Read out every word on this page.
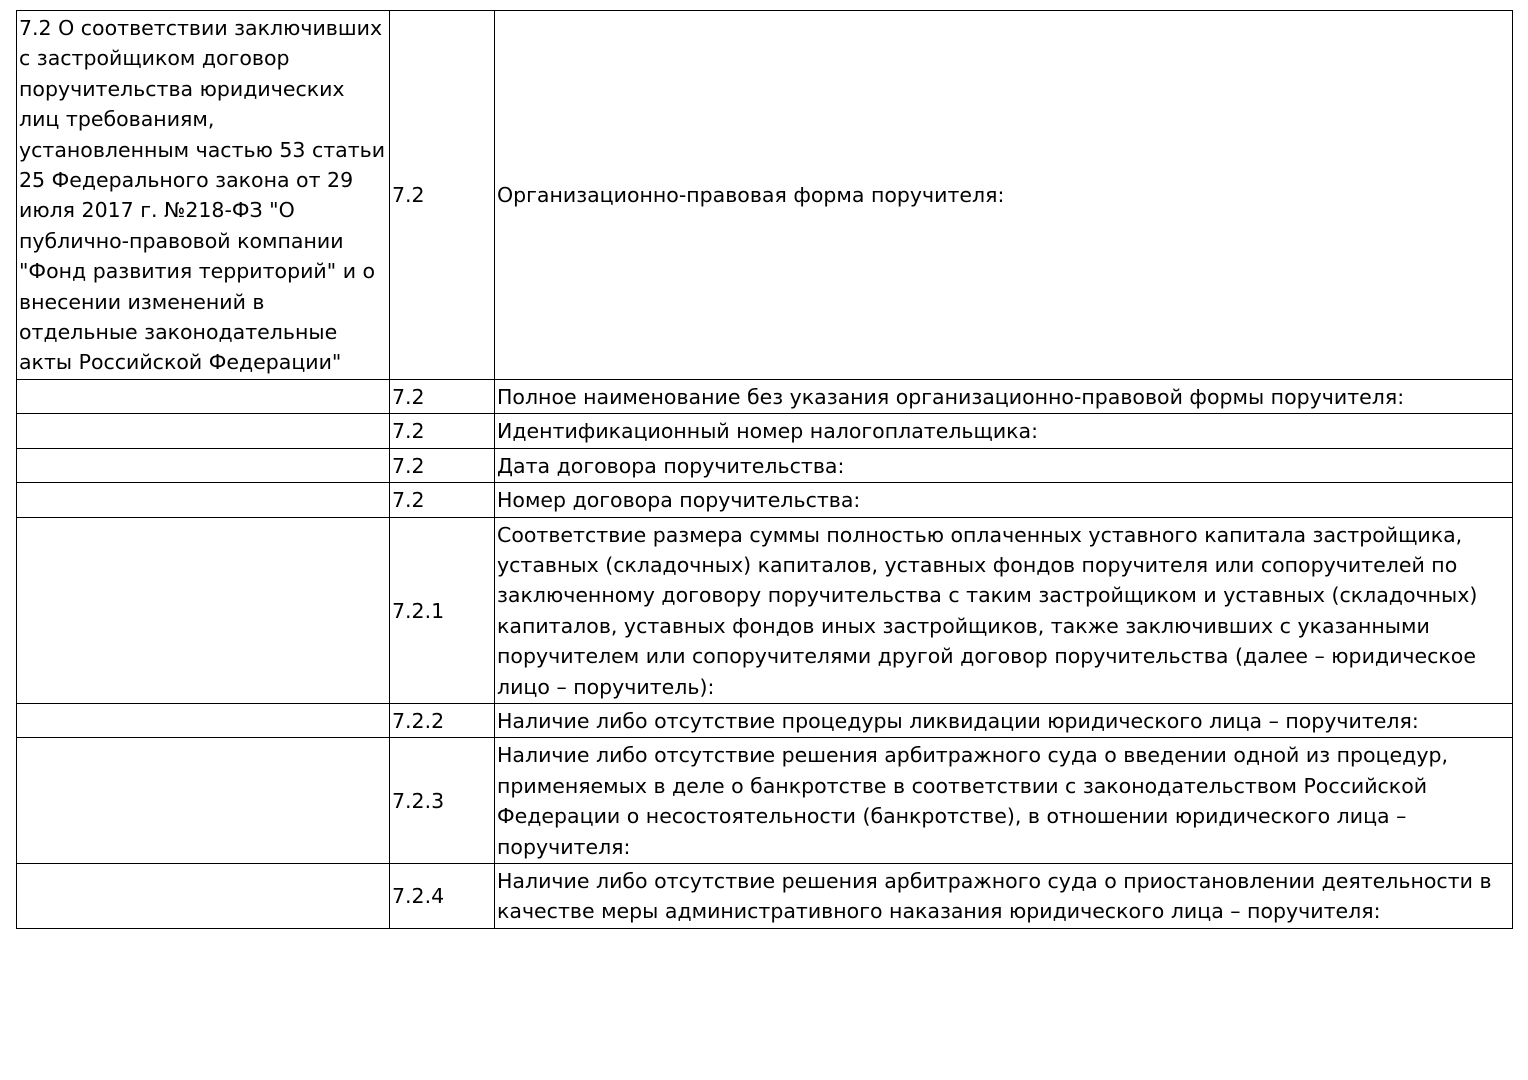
7.2 О соответствии заключивших с застройщиком договор поручительства юридических лиц требованиям, установленным частью 53 статьи 25 Федерального закона от 29 июля 2017 г. №218-ФЗ "О публично-правовой компании "Фонд развития территорий" и о внесении изменений в отдельные законодательные акты Российской Федерации"	7.2	Организационно-правовая форма поручителя:
	7.2	Полное наименование без указания организационно-правовой формы поручителя:
	7.2	Идентификационный номер налогоплательщика:
	7.2	Дата договора поручительства:
	7.2	Номер договора поручительства:
	7.2.1	Соответствие размера суммы полностью оплаченных уставного капитала застройщика, уставных (складочных) капиталов, уставных фондов поручителя или сопоручителей по заключенному договору поручительства с таким застройщиком и уставных (складочных) капиталов, уставных фондов иных застройщиков, также заключивших с указанными поручителем или сопоручителями другой договор поручительства (далее – юридическое лицо – поручитель):
	7.2.2	Наличие либо отсутствие процедуры ликвидации юридического лица – поручителя:
	7.2.3	Наличие либо отсутствие решения арбитражного суда о введении одной из процедур, применяемых в деле о банкротстве в соответствии с законодательством Российской Федерации о несостоятельности (банкротстве), в отношении юридического лица – поручителя:
	7.2.4	Наличие либо отсутствие решения арбитражного суда о приостановлении деятельности в качестве меры административного наказания юридического лица – поручителя:
